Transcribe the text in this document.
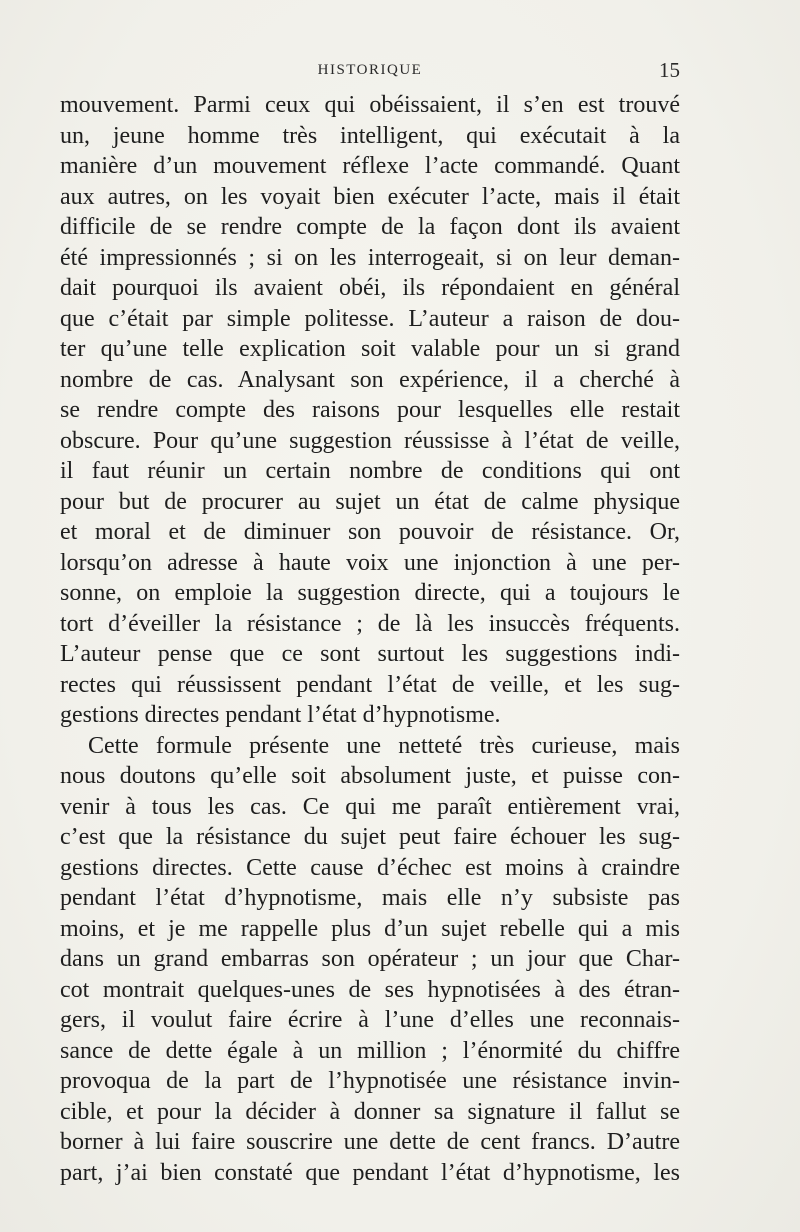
HISTORIQUE	15
mouvement. Parmi ceux qui obéissaient, il s’en est trouvé
un, jeune homme très intelligent, qui exécutait à la
manière d’un mouvement réflexe l’acte commandé. Quant
aux autres, on les voyait bien exécuter l’acte, mais il était
difficile de se rendre compte de la façon dont ils avaient
été impressionnés ; si on les interrogeait, si on leur deman-
dait pourquoi ils avaient obéi, ils répondaient en général
que c’était par simple politesse. L’auteur a raison de dou-
ter qu’une telle explication soit valable pour un si grand
nombre de cas. Analysant son expérience, il a cherché à
se rendre compte des raisons pour lesquelles elle restait
obscure. Pour qu’une suggestion réussisse à l’état de veille,
il faut réunir un certain nombre de conditions qui ont
pour but de procurer au sujet un état de calme physique
et moral et de diminuer son pouvoir de résistance. Or,
lorsqu’on adresse à haute voix une injonction à une per-
sonne, on emploie la suggestion directe, qui a toujours le
tort d’éveiller la résistance ; de là les insuccès fréquents.
L’auteur pense que ce sont surtout les suggestions indi-
rectes qui réussissent pendant l’état de veille, et les sug-
gestions directes pendant l’état d’hypnotisme.
Cette formule présente une netteté très curieuse, mais
nous doutons qu’elle soit absolument juste, et puisse con-
venir à tous les cas. Ce qui me paraît entièrement vrai,
c’est que la résistance du sujet peut faire échouer les sug-
gestions directes. Cette cause d’échec est moins à craindre
pendant l’état d’hypnotisme, mais elle n’y subsiste pas
moins, et je me rappelle plus d’un sujet rebelle qui a mis
dans un grand embarras son opérateur ; un jour que Char-
cot montrait quelques-unes de ses hypnotisées à des étran-
gers, il voulut faire écrire à l’une d’elles une reconnais-
sance de dette égale à un million ; l’énormité du chiffre
provoqua de la part de l’hypnotisée une résistance invin-
cible, et pour la décider à donner sa signature il fallut se
borner à lui faire souscrire une dette de cent francs. D’autre
part, j’ai bien constaté que pendant l’état d’hypnotisme, les
